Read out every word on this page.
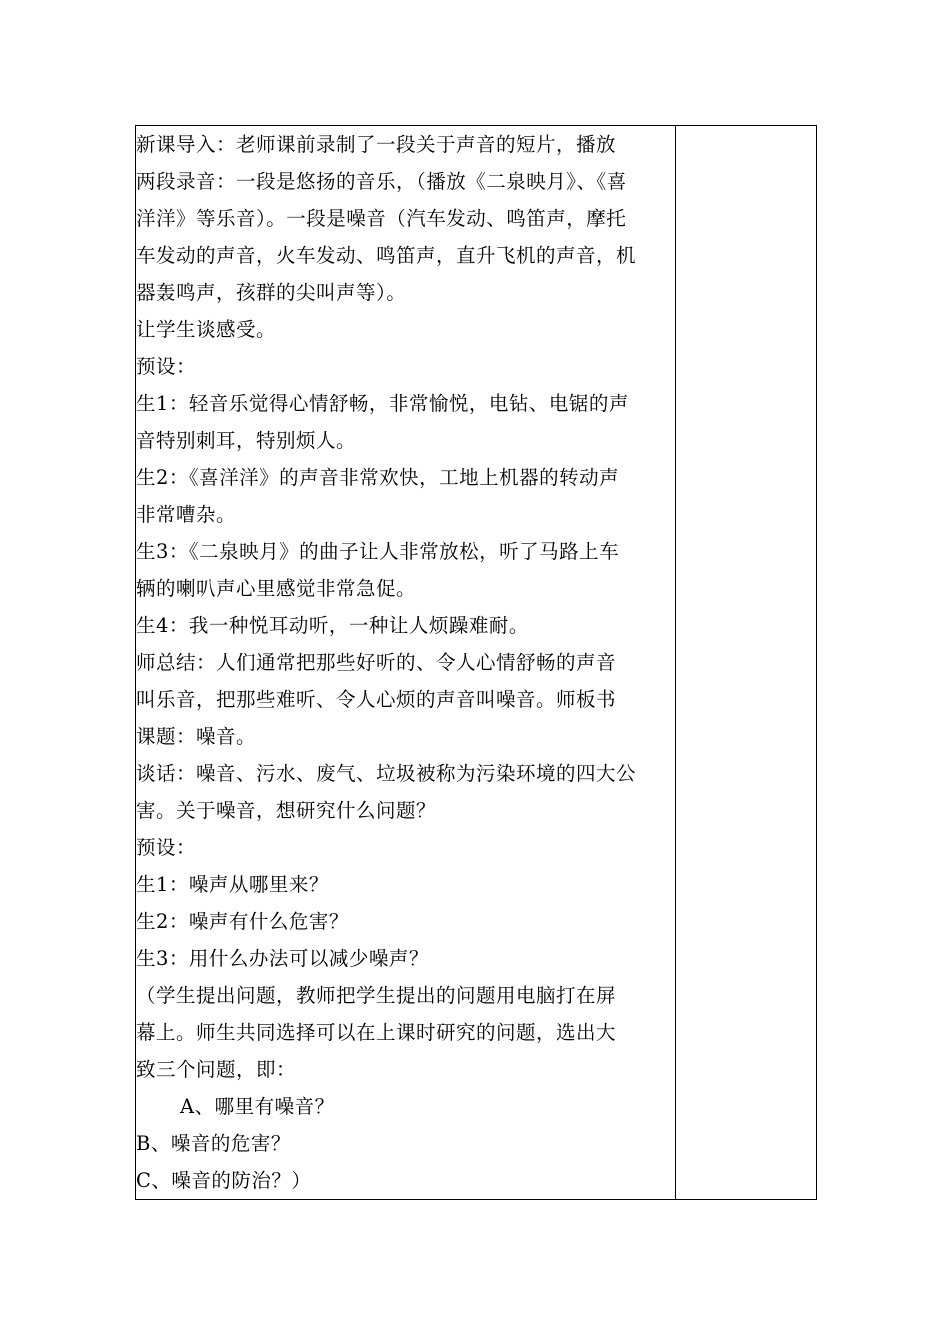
新课导入：老师课前录制了一段关于声音的短片，播放
两段录音：一段是悠扬的音乐，（播放《二泉映月》、《喜
洋洋》等乐音）。一段是噪音（汽车发动、鸣笛声，摩托
车发动的声音，火车发动、鸣笛声，直升飞机的声音，机
器轰鸣声，孩群的尖叫声等）。
让学生谈感受。
预设：
生1：轻音乐觉得心情舒畅，非常愉悦，电钻、电锯的声
音特别刺耳，特别烦人。
生2：《喜洋洋》的声音非常欢快，工地上机器的转动声
非常嘈杂。
生3：《二泉映月》的曲子让人非常放松，听了马路上车
辆的喇叭声心里感觉非常急促。
生4：我一种悦耳动听，一种让人烦躁难耐。
师总结：人们通常把那些好听的、令人心情舒畅的声音
叫乐音，把那些难听、令人心烦的声音叫噪音。师板书
课题：噪音。
谈话：噪音、污水、废气、垃圾被称为污染环境的四大公
害。关于噪音，想研究什么问题？
预设：
生1：噪声从哪里来？
生2：噪声有什么危害？
生3：用什么办法可以减少噪声？
（学生提出问题，教师把学生提出的问题用电脑打在屏
幕上。师生共同选择可以在上课时研究的问题，选出大
致三个问题，即：
A、哪里有噪音？
B、噪音的危害？
C、噪音的防治？）
